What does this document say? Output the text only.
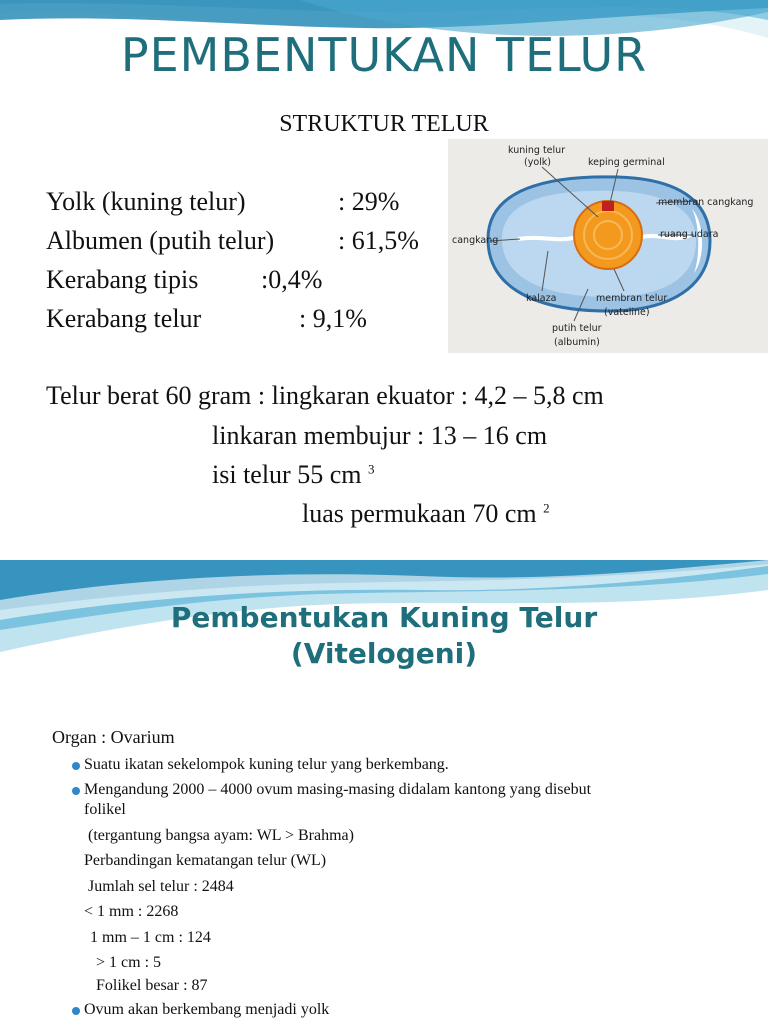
PEMBENTUKAN TELUR
STRUKTUR TELUR
Yolk (kuning telur)	: 29%
Albumen (putih telur) : 61,5%
Kerabang tipis :0,4%
Kerabang telur	: 9,1%
Telur berat 60 gram : lingkaran ekuator : 4,2 – 5,8 cm
linkaran membujur : 13 – 16 cm
isi telur 55 cm $^3$
luas permukaan 70 cm $^2$
kuning telur
(yolk)	keping germinal
membran cangkang
ruang udara
cangkang
kalaza	membran telur
(vateline)
putih telur
(albumin)
Pembentukan Kuning Telur
(Vitelogeni)
Organ : Ovarium
Suatu ikatan sekelompok kuning telur yang berkembang.
Mengandung 2000 – 4000 ovum masing-masing didalam kantong yang disebut
folikel
(tergantung bangsa ayam: WL > Brahma)
Perbandingan kematangan telur (WL)
Jumlah sel telur : 2484
< 1 mm : 2268
1 mm – 1 cm : 124
> 1 cm : 5
Folikel besar : 87
Ovum akan berkembang menjadi yolk
